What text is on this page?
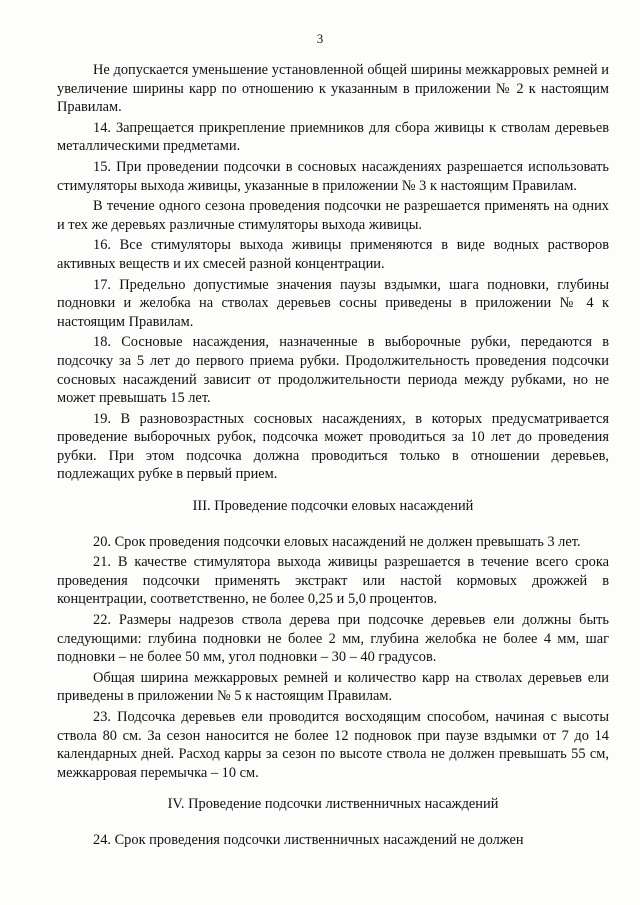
3

Не допускается уменьшение установленной общей ширины межкарровых ремней и увеличение ширины карр по отношению к указанным в приложении № 2 к настоящим Правилам.

14. Запрещается прикрепление приемников для сбора живицы к стволам деревьев металлическими предметами.

15. При проведении подсочки в сосновых насаждениях разрешается использовать стимуляторы выхода живицы, указанные в приложении № 3 к настоящим Правилам.

В течение одного сезона проведения подсочки не разрешается применять на одних и тех же деревьях различные стимуляторы выхода живицы.

16. Все стимуляторы выхода живицы применяются в виде водных растворов активных веществ и их смесей разной концентрации.

17. Предельно допустимые значения паузы вздымки, шага подновки, глубины подновки и желобка на стволах деревьев сосны приведены в приложении № 4 к настоящим Правилам.

18. Сосновые насаждения, назначенные в выборочные рубки, передаются в подсочку за 5 лет до первого приема рубки. Продолжительность проведения подсочки сосновых насаждений зависит от продолжительности периода между рубками, но не может превышать 15 лет.

19. В разновозрастных сосновых насаждениях, в которых предусматривается проведение выборочных рубок, подсочка может проводиться за 10 лет до проведения рубки. При этом подсочка должна проводиться только в отношении деревьев, подлежащих рубке в первый прием.

III. Проведение подсочки еловых насаждений

20. Срок проведения подсочки еловых насаждений не должен превышать 3 лет.

21. В качестве стимулятора выхода живицы разрешается в течение всего срока проведения подсочки применять экстракт или настой кормовых дрожжей в концентрации, соответственно, не более 0,25 и 5,0 процентов.

22. Размеры надрезов ствола дерева при подсочке деревьев ели должны быть следующими: глубина подновки не более 2 мм, глубина желобка не более 4 мм, шаг подновки – не более 50 мм, угол подновки – 30 – 40 градусов.

Общая ширина межкарровых ремней и количество карр на стволах деревьев ели приведены в приложении № 5 к настоящим Правилам.

23. Подсочка деревьев ели проводится восходящим способом, начиная с высоты ствола 80 см. За сезон наносится не более 12 подновок при паузе вздымки от 7 до 14 календарных дней. Расход карры за сезон по высоте ствола не должен превышать 55 см, межкарровая перемычка – 10 см.

IV. Проведение подсочки лиственничных насаждений

24. Срок проведения подсочки лиственничных насаждений не должен
